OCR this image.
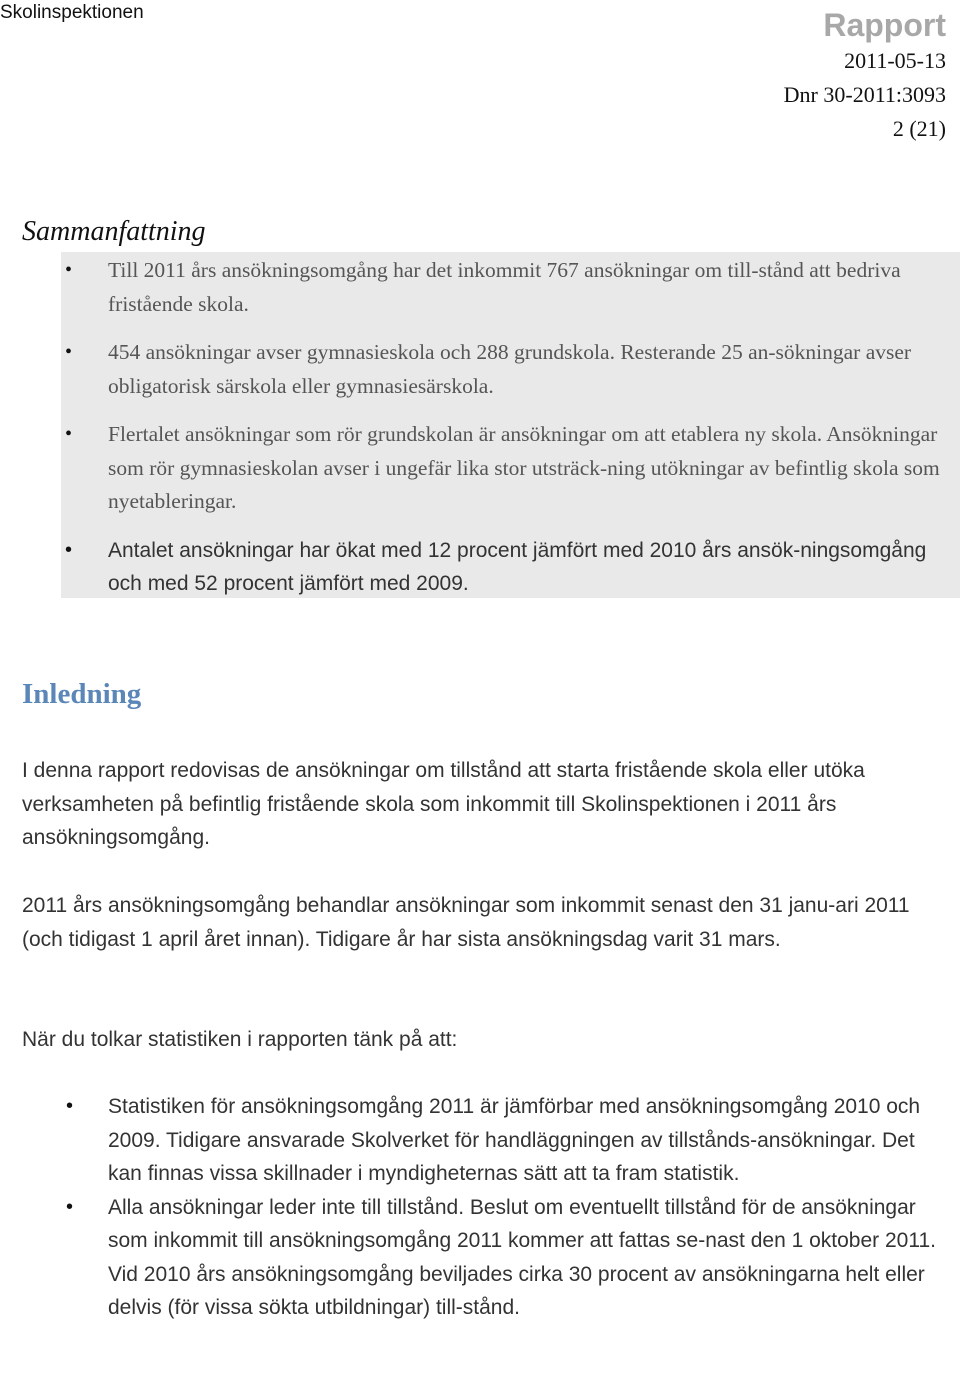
Skolinspektionen	Rapport
2011-05-13
Dnr 30-2011:3093
2 (21)
Sammanfattning
• Till 2011 års ansökningsomgång har det inkommit 767 ansökningar om till-stånd att bedriva fristående skola.
• 454 ansökningar avser gymnasieskola och 288 grundskola. Resterande 25 an-sökningar avser obligatorisk särskola eller gymnasiesärskola.
• Flertalet ansökningar som rör grundskolan är ansökningar om att etablera ny skola. Ansökningar som rör gymnasieskolan avser i ungefär lika stor utsträck-ning utökningar av befintlig skola som nyetableringar.
• Antalet ansökningar har ökat med 12 procent jämfört med 2010 års ansök-ningsomgång och med 52 procent jämfört med 2009.
Inledning

I denna rapport redovisas de ansökningar om tillstånd att starta fristående skola eller utöka verksamheten på befintlig fristående skola som inkommit till Skolinspektionen i 2011 års ansökningsomgång.

2011 års ansökningsomgång behandlar ansökningar som inkommit senast den 31 janu-ari 2011 (och tidigast 1 april året innan). Tidigare år har sista ansökningsdag varit 31 mars.

När du tolkar statistiken i rapporten tänk på att:

• Statistiken för ansökningsomgång 2011 är jämförbar med ansökningsomgång 2010 och 2009. Tidigare ansvarade Skolverket för handläggningen av tillstånds-ansökningar. Det kan finnas vissa skillnader i myndigheternas sätt att ta fram statistik.
• Alla ansökningar leder inte till tillstånd. Beslut om eventuellt tillstånd för de ansökningar som inkommit till ansökningsomgång 2011 kommer att fattas se-nast den 1 oktober 2011. Vid 2010 års ansökningsomgång beviljades cirka 30 procent av ansökningarna helt eller delvis (för vissa sökta utbildningar) till-stånd.
